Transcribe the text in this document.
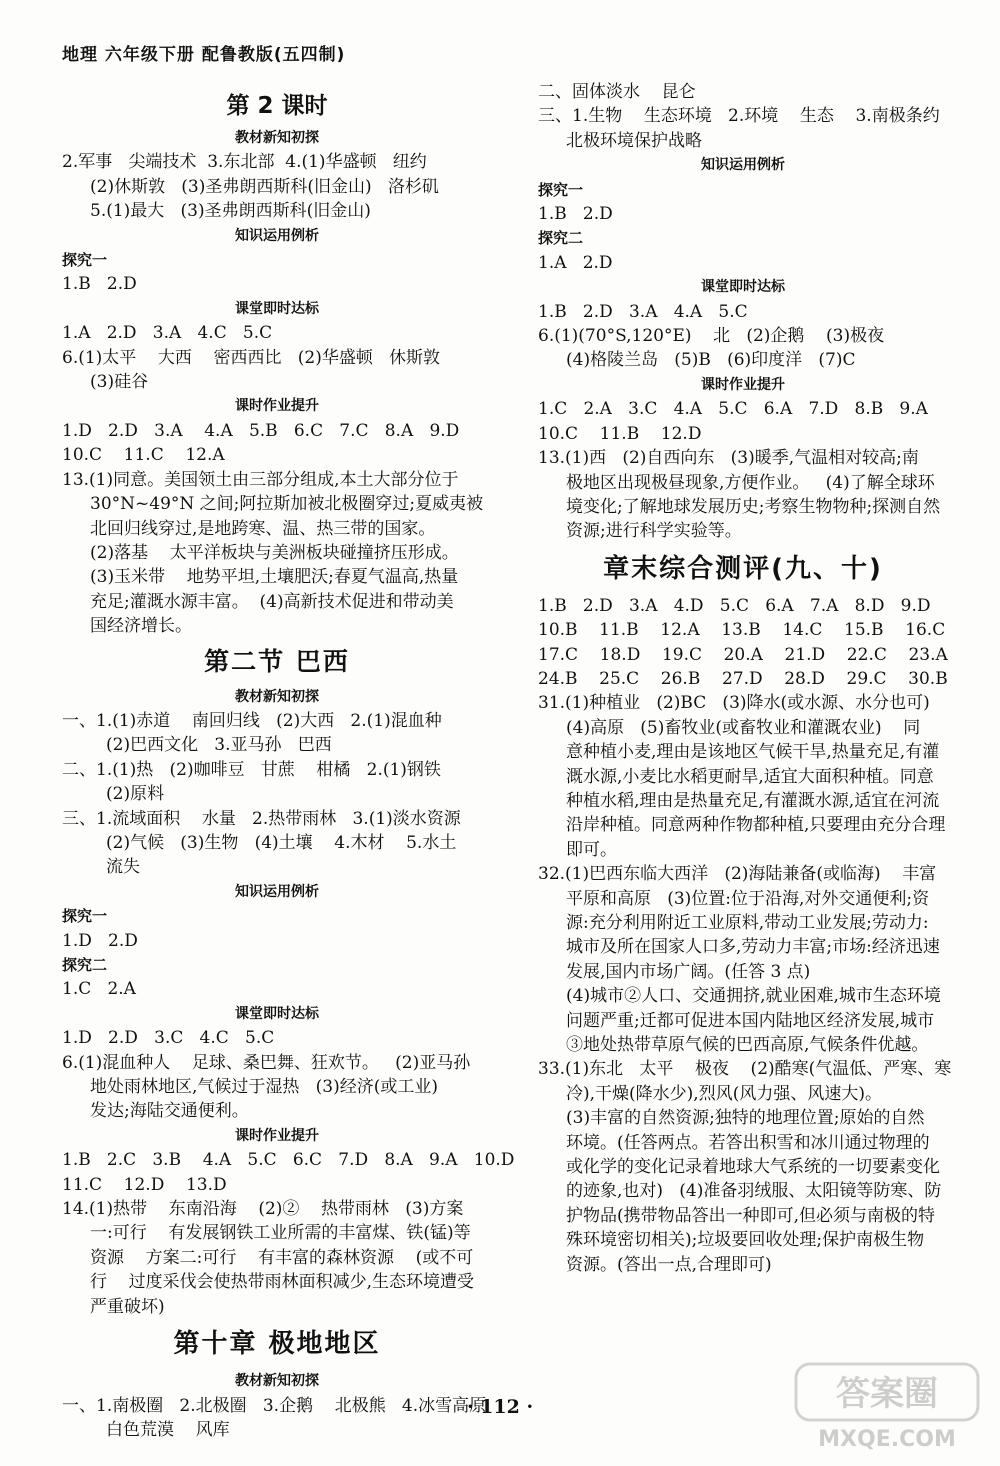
地理 六年级下册 配鲁教版(五四制)
第 2 课时
教材新知初探
2.军事   尖端技术  3.东北部  4.(1)华盛顿   纽约
(2)休斯敦   (3)圣弗朗西斯科(旧金山)   洛杉矶
5.(1)最大   (3)圣弗朗西斯科(旧金山)
知识运用例析
探究一
1.B   2.D
课堂即时达标
1.A   2.D   3.A   4.C   5.C
6.(1)太平    大西    密西西比   (2)华盛顿   休斯敦
(3)硅谷
课时作业提升
1.D   2.D   3.A    4.A   5.B   6.C   7.C   8.A   9.D
10.C    11.C    12.A
13.(1)同意。美国领土由三部分组成,本土大部分位于
30°N~49°N 之间;阿拉斯加被北极圈穿过;夏威夷被
北回归线穿过,是地跨寒、温、热三带的国家。
(2)落基    太平洋板块与美洲板块碰撞挤压形成。
(3)玉米带    地势平坦,土壤肥沃;春夏气温高,热量
充足;灌溉水源丰富。  (4)高新技术促进和带动美
国经济增长。
第二节 巴西
教材新知初探
一、1.(1)赤道    南回归线   (2)大西   2.(1)混血种
(2)巴西文化   3.亚马孙   巴西
二、1.(1)热   (2)咖啡豆   甘蔗    柑橘   2.(1)钢铁
(2)原料
三、1.流域面积    水量   2.热带雨林   3.(1)淡水资源
(2)气候   (3)生物   (4)土壤    4.木材    5.水土
流失
知识运用例析
探究一
1.D   2.D
探究二
1.C   2.A
课堂即时达标
1.D   2.D   3.C   4.C   5.C
6.(1)混血种人    足球、桑巴舞、狂欢节。   (2)亚马孙
地处雨林地区,气候过于湿热   (3)经济(或工业)
发达;海陆交通便利。
课时作业提升
1.B   2.C   3.B    4.A   5.C   6.C   7.D   8.A   9.A   10.D
11.C    12.D    13.D
14.(1)热带    东南沿海    (2)②    热带雨林   (3)方案
一:可行    有发展钢铁工业所需的丰富煤、铁(锰)等
资源    方案二:可行    有丰富的森林资源    (或不可
行    过度采伐会使热带雨林面积减少,生态环境遭受
严重破坏)
第十章 极地地区
教材新知初探
一、1.南极圈   2.北极圈   3.企鹅    北极熊   4.冰雪高原
白色荒漠    风库
二、固体淡水    昆仑
三、1.生物    生态环境   2.环境    生态    3.南极条约
北极环境保护战略
知识运用例析
探究一
1.B   2.D
探究二
1.A   2.D
课堂即时达标
1.B   2.D   3.A   4.A   5.C
6.(1)(70°S,120°E)    北   (2)企鹅    (3)极夜
(4)格陵兰岛   (5)B   (6)印度洋   (7)C
课时作业提升
1.C   2.A   3.C   4.A   5.C   6.A   7.D   8.B   9.A
10.C    11.B    12.D
13.(1)西   (2)自西向东   (3)暖季,气温相对较高;南
极地区出现极昼现象,方便作业。   (4)了解全球环
境变化;了解地球发展历史;考察生物物种;探测自然
资源;进行科学实验等。
章末综合测评(九、十)
1.B   2.D   3.A   4.D   5.C   6.A   7.A   8.D   9.D
10.B    11.B    12.A    13.B    14.C    15.B    16.C
17.C    18.D    19.C    20.A    21.D    22.C    23.A
24.B    25.C    26.B    27.D    28.D    29.C    30.B
31.(1)种植业   (2)BC   (3)降水(或水源、水分也可)
(4)高原   (5)畜牧业(或畜牧业和灌溉农业)    同
意种植小麦,理由是该地区气候干旱,热量充足,有灌
溉水源,小麦比水稻更耐旱,适宜大面积种植。同意
种植水稻,理由是热量充足,有灌溉水源,适宜在河流
沿岸种植。同意两种作物都种植,只要理由充分合理
即可。
32.(1)巴西东临大西洋   (2)海陆兼备(或临海)    丰富
平原和高原   (3)位置:位于沿海,对外交通便利;资
源:充分利用附近工业原料,带动工业发展;劳动力:
城市及所在国家人口多,劳动力丰富;市场:经济迅速
发展,国内市场广阔。(任答 3 点)
(4)城市②人口、交通拥挤,就业困难,城市生态环境
问题严重;迁都可促进本国内陆地区经济发展,城市
③地处热带草原气候的巴西高原,气候条件优越。
33.(1)东北   太平    极夜    (2)酷寒(气温低、严寒、寒
冷),干燥(降水少),烈风(风力强、风速大)。
(3)丰富的自然资源;独特的地理位置;原始的自然
环境。(任答两点。若答出积雪和冰川通过物理的
或化学的变化记录着地球大气系统的一切要素变化
的迹象,也对)   (4)准备羽绒服、太阳镜等防寒、防
护物品(携带物品答出一种即可,但必须与南极的特
殊环境密切相关);垃圾要回收处理;保护南极生物
资源。(答出一点,合理即可)
· 112 ·	答案圈
MXQE.COM
